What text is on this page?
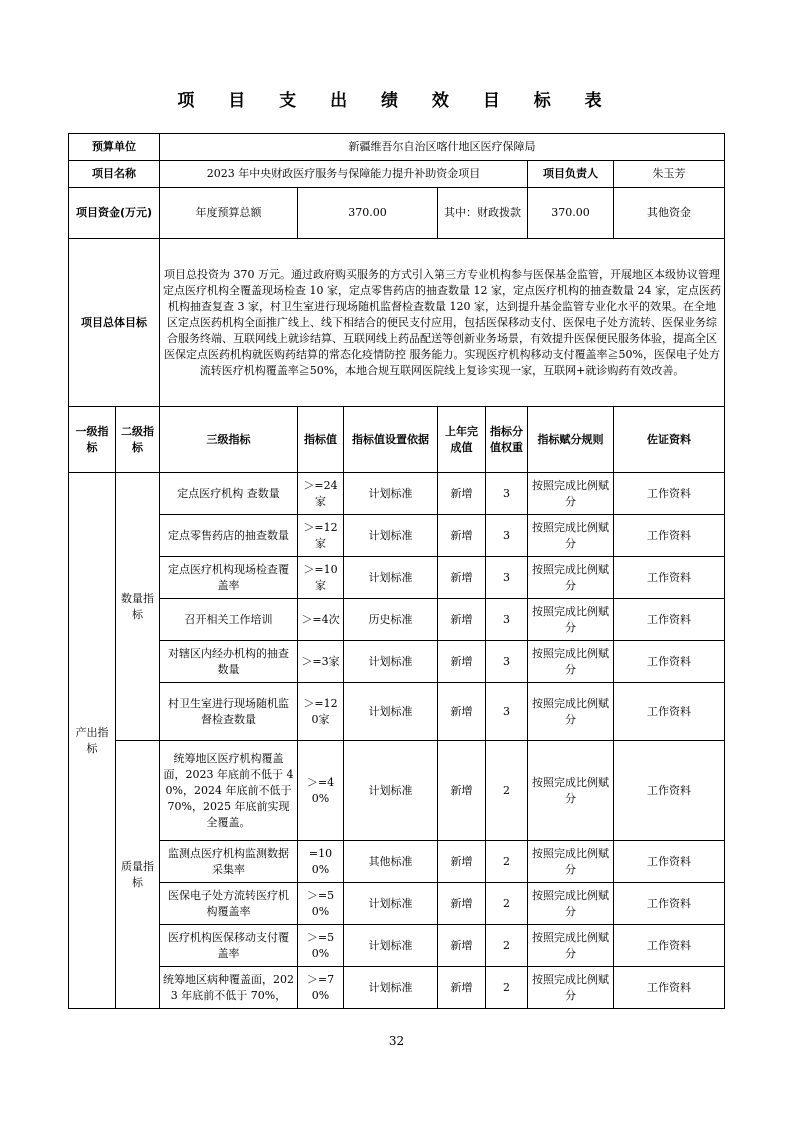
项 目 支 出 绩 效 目 标 表
预算单位		新疆维吾尔自治区喀什地区医疗保障局							
项目名称		2023 年中央财政医疗服务与保障能力提升补助资金项目					项目负责人	朱玉芳	
项目资金(万元)		年度预算总额	370.00		其中：财政拨款		370.00	其他资金	
项目总体目标		项目总投资为 370 万元。通过政府购买服务的方式引入第三方专业机构参与医保基金监管，开展地区本级协议管理定点医疗机构全覆盖现场检查 10 家，定点零售药店的抽查数量 12 家，定点医疗机构的抽查数量 24 家，定点医药机构抽查复查 3 家，村卫生室进行现场随机监督检查数量 120 家，达到提升基金监管专业化水平的效果。在全地区定点医药机构全面推广线上、线下相结合的便民支付应用，包括医保移动支付、医保电子处方流转、医保业务综合服务终端、互联网线上就诊结算、互联网线上药品配送等创新业务场景，有效提升医保便民服务体验，提高全区医保定点医药机构就医购药结算的常态化疫情防控 服务能力。实现医疗机构移动支付覆盖率≧50%，医保电子处方流转医疗机构覆盖率≧50%，本地合规互联网医院线上复诊实现一家，互联网+就诊购药有效改善。							
一级指标	二级指标	三级指标	指标值	指标值设置依据	上年完成值	指标分值权重	指标赋分规则	佐证资料	
产出指标	数量指标	定点医疗机构 查数量	＞=24家	计划标准	新增	3	按照完成比例赋分	工作资料	
		定点零售药店的抽查数量	＞=12家	计划标准	新增	3	按照完成比例赋分	工作资料	
		定点医疗机构现场检查覆盖率	＞=10家	计划标准	新增	3	按照完成比例赋分	工作资料	
		召开相关工作培训	＞=4次	历史标准	新增	3	按照完成比例赋分	工作资料	
		对辖区内经办机构的抽查数量	＞=3家	计划标准	新增	3	按照完成比例赋分	工作资料	
		村卫生室进行现场随机监督检查数量	＞=120家	计划标准	新增	3	按照完成比例赋分	工作资料	
	质量指标	统筹地区医疗机构覆盖面，2023 年底前不低于 40%，2024 年底前不低于 70%，2025 年底前实现全覆盖。	＞=40%	计划标准	新增	2	按照完成比例赋分	工作资料	
		监测点医疗机构监测数据采集率	=100%	其他标准	新增	2	按照完成比例赋分	工作资料	
		医保电子处方流转医疗机构覆盖率	＞=50%	计划标准	新增	2	按照完成比例赋分	工作资料	
		医疗机构医保移动支付覆盖率	＞=50%	计划标准	新增	2	按照完成比例赋分	工作资料	
		统筹地区病种覆盖面，2023 年底前不低于 70%，	＞=70%	计划标准	新增	2	按照完成比例赋分	工作资料	
32
